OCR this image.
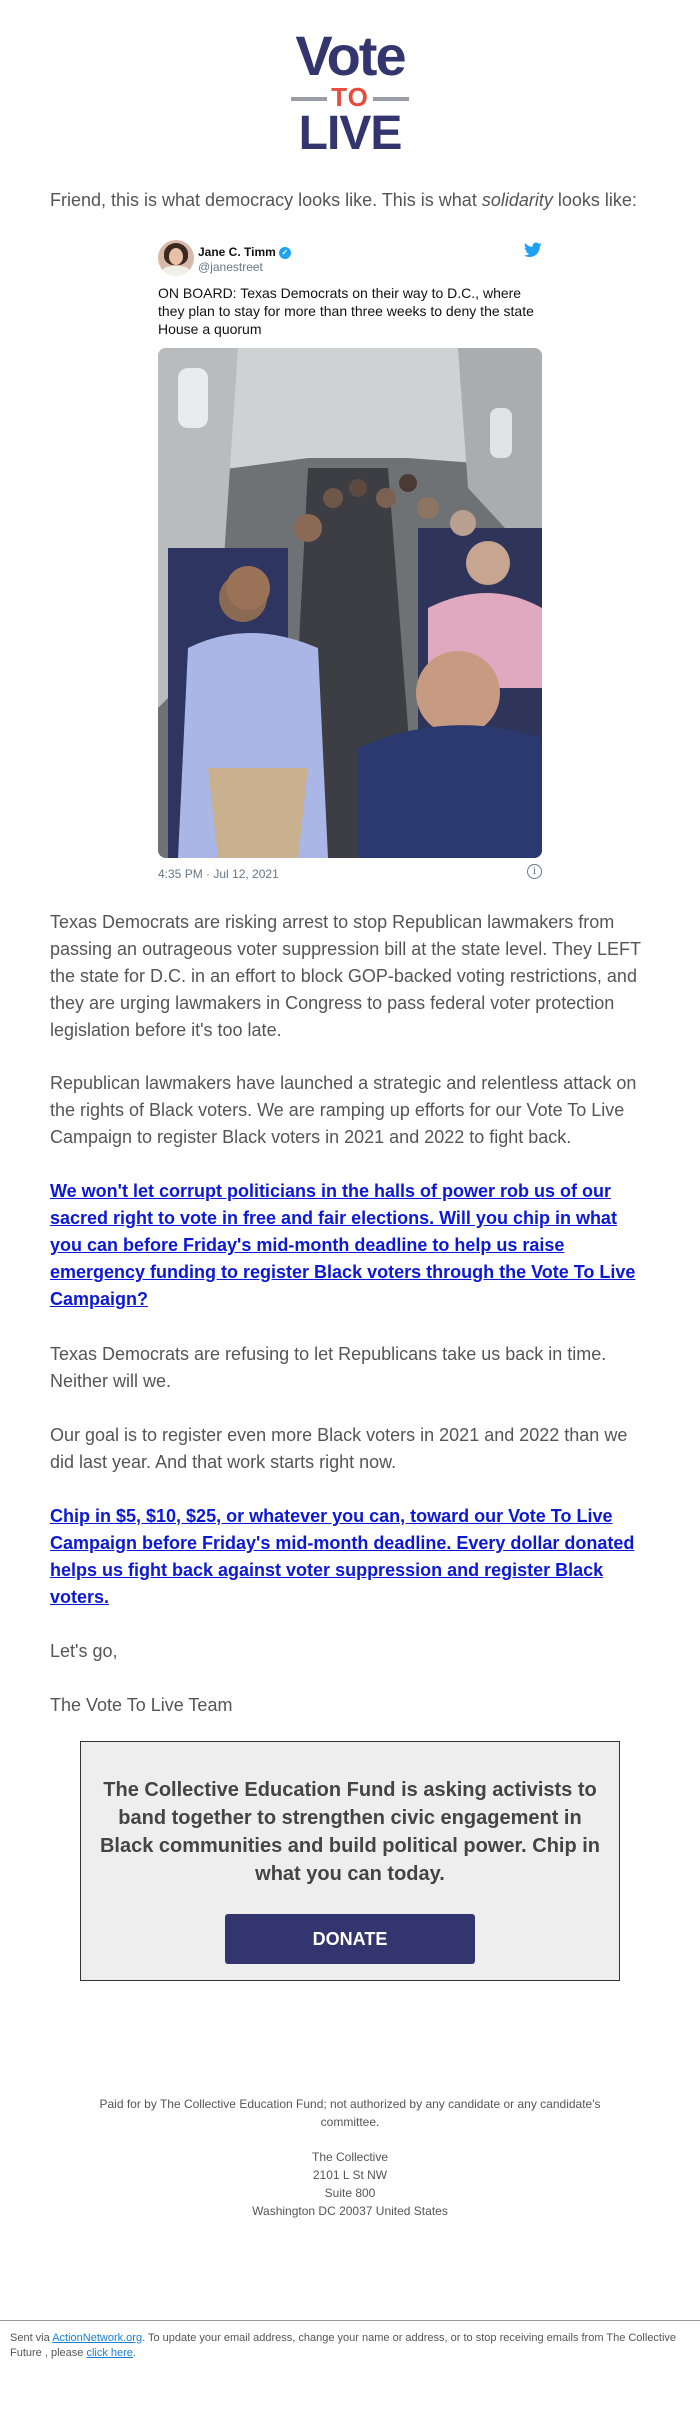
Vote
TO
LIVE
Friend, this is what democracy looks like. This is what solidarity looks like:
Jane C. Timm ✓
@janestreet
ON BOARD: Texas Democrats on their way to D.C., where they plan to stay for more than three weeks to deny the state House a quorum
4:35 PM · Jul 12, 2021	i
Texas Democrats are risking arrest to stop Republican lawmakers from passing an outrageous voter suppression bill at the state level. They LEFT the state for D.C. in an effort to block GOP-backed voting restrictions, and they are urging lawmakers in Congress to pass federal voter protection legislation before it's too late.
Republican lawmakers have launched a strategic and relentless attack on the rights of Black voters. We are ramping up efforts for our Vote To Live Campaign to register Black voters in 2021 and 2022 to fight back.
We won't let corrupt politicians in the halls of power rob us of our sacred right to vote in free and fair elections. Will you chip in what you can before Friday's mid-month deadline to help us raise emergency funding to register Black voters through the Vote To Live Campaign?
Texas Democrats are refusing to let Republicans take us back in time. Neither will we.
Our goal is to register even more Black voters in 2021 and 2022 than we did last year. And that work starts right now.
Chip in $5, $10, $25, or whatever you can, toward our Vote To Live Campaign before Friday's mid-month deadline. Every dollar donated helps us fight back against voter suppression and register Black voters.
Let's go,
The Vote To Live Team
The Collective Education Fund is asking activists to band together to strengthen civic engagement in Black communities and build political power. Chip in what you can today.
DONATE
Paid for by The Collective Education Fund; not authorized by any candidate or any candidate's committee.
The Collective
2101 L St NW
Suite 800
Washington DC 20037 United States
Sent via ActionNetwork.org. To update your email address, change your name or address, or to stop receiving emails from The Collective Future , please click here.
